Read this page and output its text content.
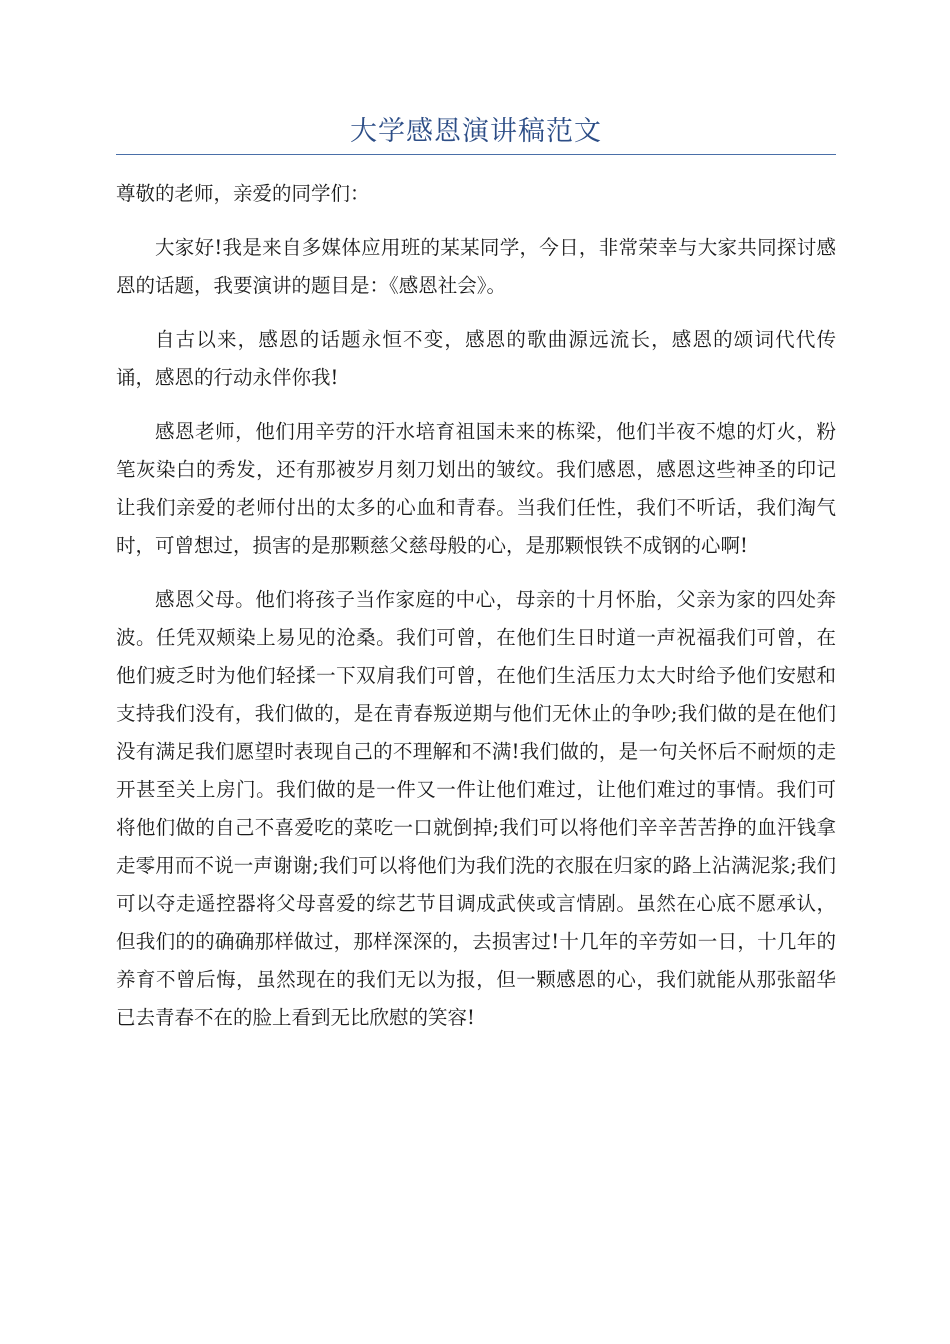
大学感恩演讲稿范文

尊敬的老师，亲爱的同学们：

大家好!我是来自多媒体应用班的某某同学，今日，非常荣幸与大家共同探讨感恩的话题，我要演讲的题目是：《感恩社会》。

自古以来，感恩的话题永恒不变，感恩的歌曲源远流长，感恩的颂词代代传诵，感恩的行动永伴你我!

感恩老师，他们用辛劳的汗水培育祖国未来的栋梁，他们半夜不熄的灯火，粉笔灰染白的秀发，还有那被岁月刻刀划出的皱纹。我们感恩，感恩这些神圣的印记让我们亲爱的老师付出的太多的心血和青春。当我们任性，我们不听话，我们淘气时，可曾想过，损害的是那颗慈父慈母般的心，是那颗恨铁不成钢的心啊!

感恩父母。他们将孩子当作家庭的中心，母亲的十月怀胎，父亲为家的四处奔波。任凭双颊染上易见的沧桑。我们可曾，在他们生日时道一声祝福我们可曾，在他们疲乏时为他们轻揉一下双肩我们可曾，在他们生活压力太大时给予他们安慰和支持我们没有，我们做的，是在青春叛逆期与他们无休止的争吵;我们做的是在他们没有满足我们愿望时表现自己的不理解和不满!我们做的，是一句关怀后不耐烦的走开甚至关上房门。我们做的是一件又一件让他们难过，让他们难过的事情。我们可将他们做的自己不喜爱吃的菜吃一口就倒掉;我们可以将他们辛辛苦苦挣的血汗钱拿走零用而不说一声谢谢;我们可以将他们为我们洗的衣服在归家的路上沾满泥浆;我们可以夺走遥控器将父母喜爱的综艺节目调成武侠或言情剧。虽然在心底不愿承认，但我们的的确确那样做过，那样深深的，去损害过!十几年的辛劳如一日，十几年的养育不曾后悔，虽然现在的我们无以为报，但一颗感恩的心，我们就能从那张韶华已去青春不在的脸上看到无比欣慰的笑容!
